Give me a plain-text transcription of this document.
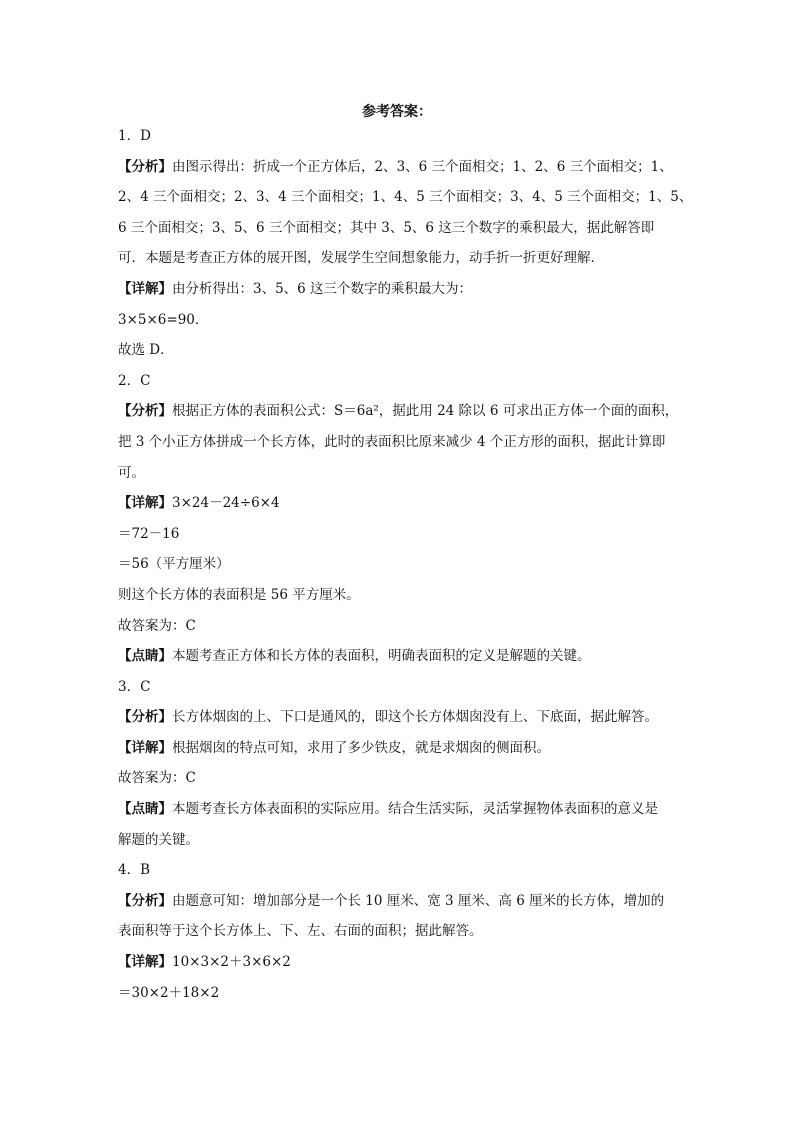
参考答案：
1．D
【分析】由图示得出：折成一个正方体后，2、3、6 三个面相交；1、2、6 三个面相交；1、
2、4 三个面相交；2、3、4 三个面相交；1、4、5 三个面相交；3、4、5 三个面相交；1、5、
6 三个面相交；3、5、6 三个面相交；其中 3、5、6 这三个数字的乘积最大，据此解答即
可．本题是考查正方体的展开图，发展学生空间想象能力，动手折一折更好理解．
【详解】由分析得出：3、5、6 这三个数字的乘积最大为：
3×5×6=90．
故选 D．
2．C
【分析】根据正方体的表面积公式：S＝6a²，据此用 24 除以 6 可求出正方体一个面的面积，
把 3 个小正方体拼成一个长方体，此时的表面积比原来减少 4 个正方形的面积，据此计算即
可。
【详解】3×24－24÷6×4
＝72－16
＝56（平方厘米）
则这个长方体的表面积是 56 平方厘米。
故答案为：C
【点睛】本题考查正方体和长方体的表面积，明确表面积的定义是解题的关键。
3．C
【分析】长方体烟囱的上、下口是通风的，即这个长方体烟囱没有上、下底面，据此解答。
【详解】根据烟囱的特点可知，求用了多少铁皮，就是求烟囱的侧面积。
故答案为：C
【点睛】本题考查长方体表面积的实际应用。结合生活实际，灵活掌握物体表面积的意义是
解题的关键。
4．B
【分析】由题意可知：增加部分是一个长 10 厘米、宽 3 厘米、高 6 厘米的长方体，增加的
表面积等于这个长方体上、下、左、右面的面积；据此解答。
【详解】10×3×2＋3×6×2
＝30×2＋18×2
